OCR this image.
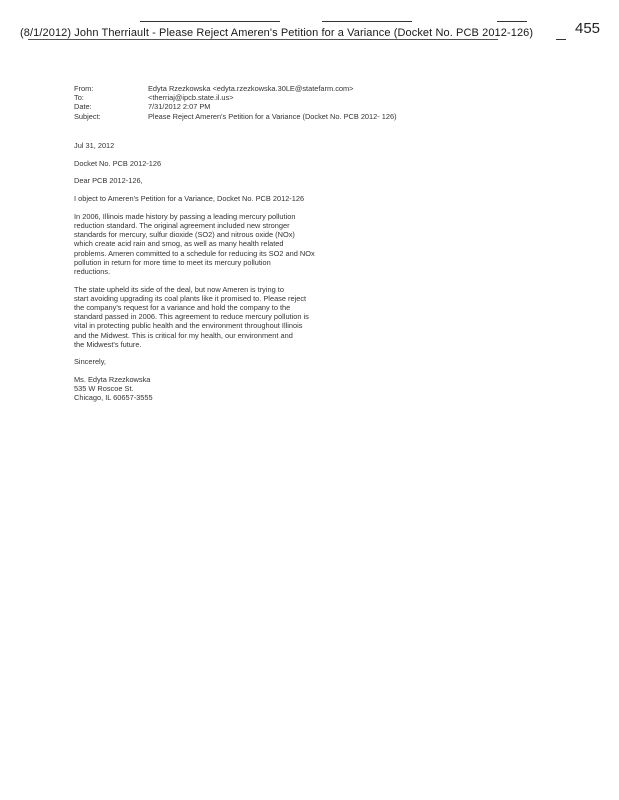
(8/1/2012) John Therriault - Please Reject Ameren's Petition for a Variance (Docket No. PCB 2012-126)	455
From:	Edyta Rzezkowska <edyta.rzezkowska.30LE@statefarm.com>
To:	<therriaj@ipcb.state.il.us>
Date:	7/31/2012 2:07 PM
Subject:	Please Reject Ameren's Petition for a Variance (Docket No. PCB 2012- 126)
Jul 31, 2012
Docket No. PCB 2012-126
Dear PCB 2012-126,
I object to Ameren's Petition for a Variance, Docket No. PCB 2012-126
In 2006, Illinois made history by passing a leading mercury pollution
reduction standard. The original agreement included new stronger
standards for mercury, sulfur dioxide (SO2) and nitrous oxide (NOx)
which create acid rain and smog, as well as many health related
problems. Ameren committed to a schedule for reducing its SO2 and NOx
pollution in return for more time to meet its mercury pollution
reductions.
The state upheld its side of the deal, but now Ameren is trying to
start avoiding upgrading its coal plants like it promised to. Please reject
the company's request for a variance and hold the company to the
standard passed in 2006. This agreement to reduce mercury pollution is
vital in protecting public health and the environment throughout Illinois
and the Midwest. This is critical for my health, our environment and
the Midwest's future.
Sincerely,
Ms. Edyta Rzezkowska
535 W Roscoe St.
Chicago, IL 60657-3555
